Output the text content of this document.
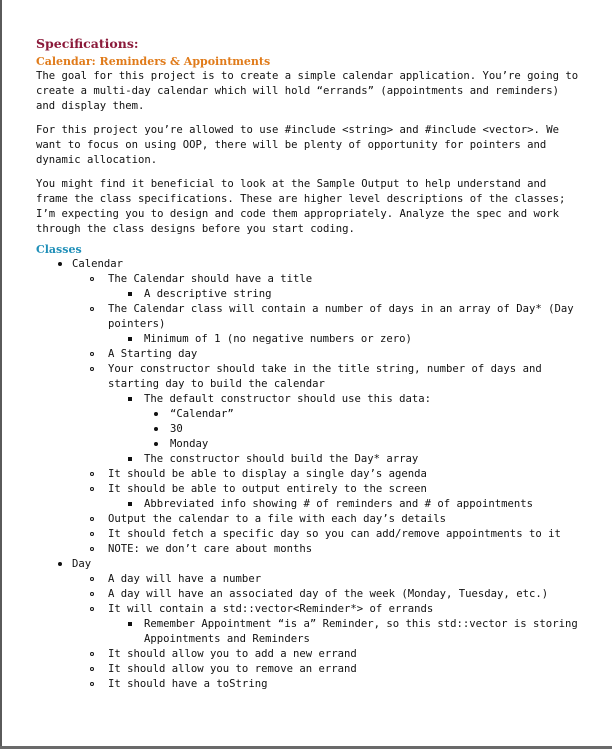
Specifications:
Calendar: Reminders & Appointments

The goal for this project is to create a simple calendar application. You’re going to create a multi-day calendar which will hold “errands” (appointments and reminders) and display them.

For this project you’re allowed to use #include <string> and #include <vector>. We want to focus on using OOP, there will be plenty of opportunity for pointers and dynamic allocation.

You might find it beneficial to look at the Sample Output to help understand and frame the class specifications. These are higher level descriptions of the classes; I’m expecting you to design and code them appropriately. Analyze the spec and work through the class designs before you start coding.

Classes
Calendar
The Calendar should have a title
A descriptive string
The Calendar class will contain a number of days in an array of Day* (Day pointers)
Minimum of 1 (no negative numbers or zero)
A Starting day
Your constructor should take in the title string, number of days and starting day to build the calendar
The default constructor should use this data:
“Calendar”
30
Monday
The constructor should build the Day* array
It should be able to display a single day’s agenda
It should be able to output entirely to the screen
Abbreviated info showing # of reminders and # of appointments
Output the calendar to a file with each day’s details
It should fetch a specific day so you can add/remove appointments to it
NOTE: we don’t care about months
Day
A day will have a number
A day will have an associated day of the week (Monday, Tuesday, etc.)
It will contain a std::vector<Reminder*> of errands
Remember Appointment “is a” Reminder, so this std::vector is storing Appointments and Reminders
It should allow you to add a new errand
It should allow you to remove an errand
It should have a toString
